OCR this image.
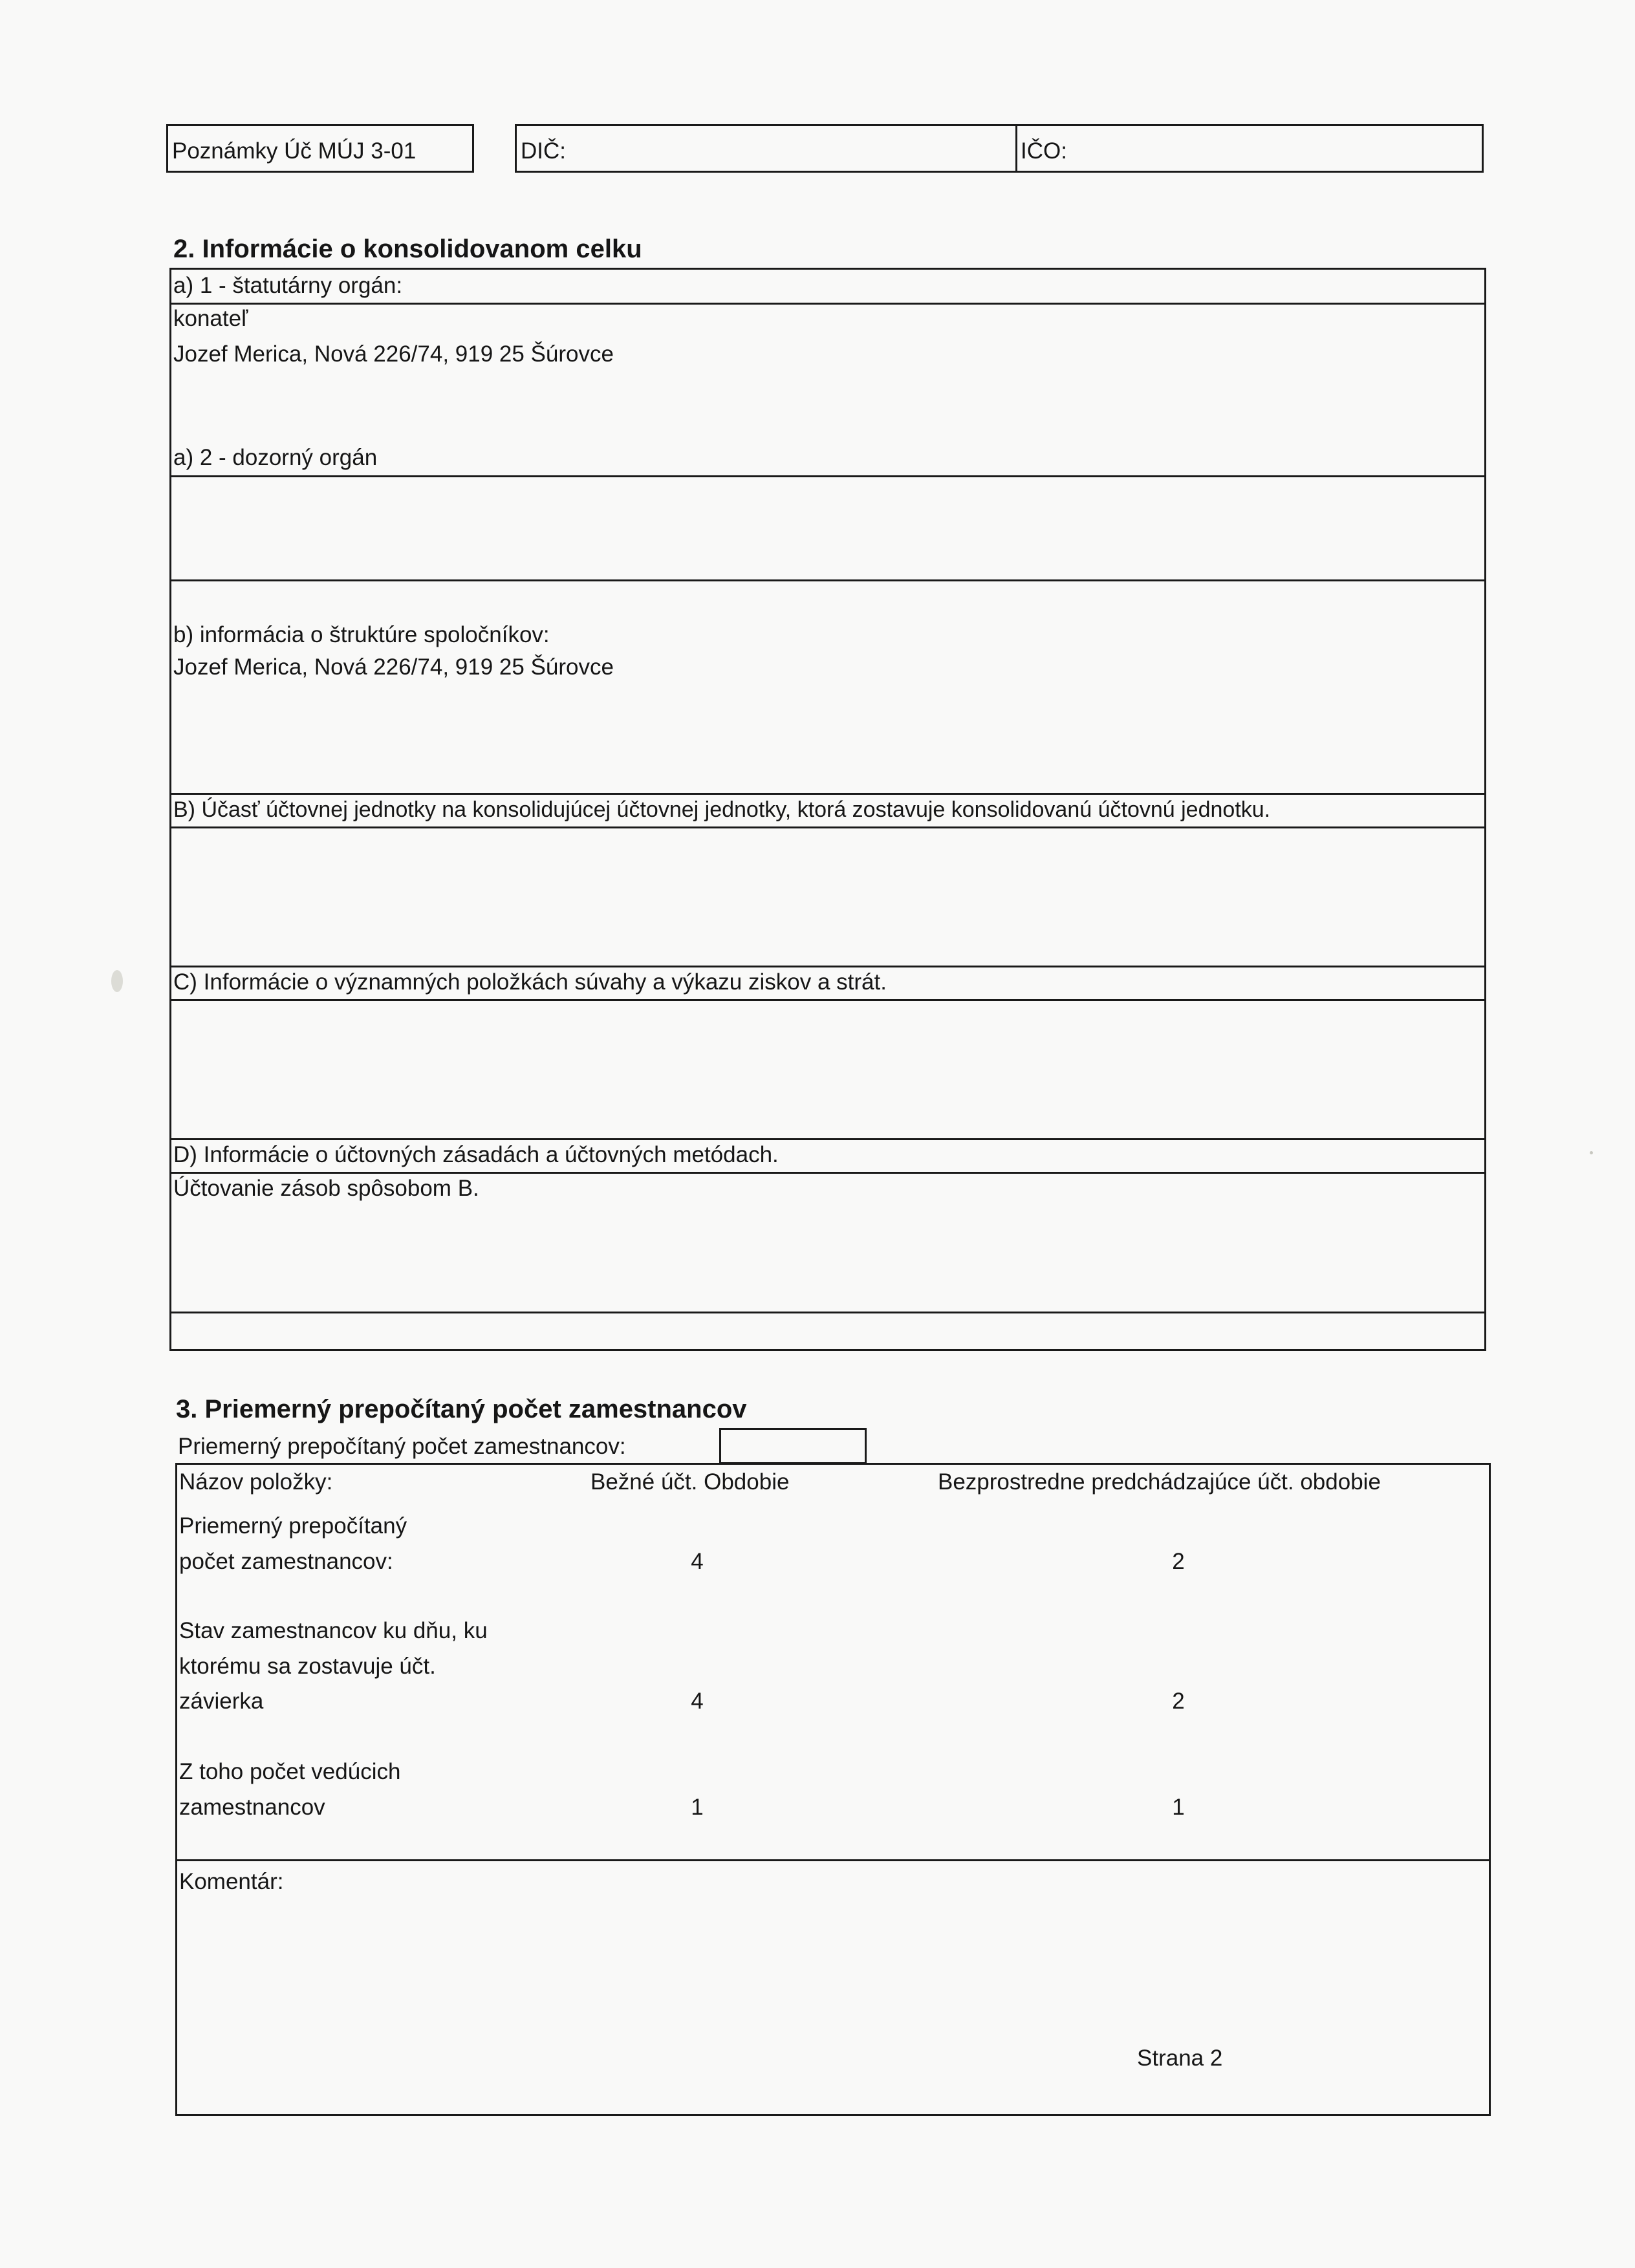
Poznámky Úč MÚJ 3-01	DIČ:	IČO:
2. Informácie o konsolidovanom celku
a) 1 - štatutárny orgán:
konateľ
Jozef Merica, Nová 226/74, 919 25 Šúrovce
a) 2 - dozorný orgán
b) informácia o štruktúre spoločníkov:
Jozef Merica, Nová 226/74, 919 25 Šúrovce
B) Účasť účtovnej jednotky na konsolidujúcej účtovnej jednotky, ktorá zostavuje konsolidovanú účtovnú jednotku.
C) Informácie o významných položkách súvahy a výkazu ziskov a strát.
D) Informácie o účtovných zásadách a účtovných metódach.
Účtovanie zásob spôsobom B.
3. Priemerný prepočítaný počet zamestnancov
Priemerný prepočítaný počet zamestnancov:
Názov položky:	Bežné účt. Obdobie	Bezprostredne predchádzajúce účt. obdobie
Priemerný prepočítaný
počet zamestnancov:	4	2
Stav zamestnancov ku dňu, ku
ktorému sa zostavuje účt.
závierka	4	2
Z toho počet vedúcich
zamestnancov	1	1
Komentár:
Strana 2
